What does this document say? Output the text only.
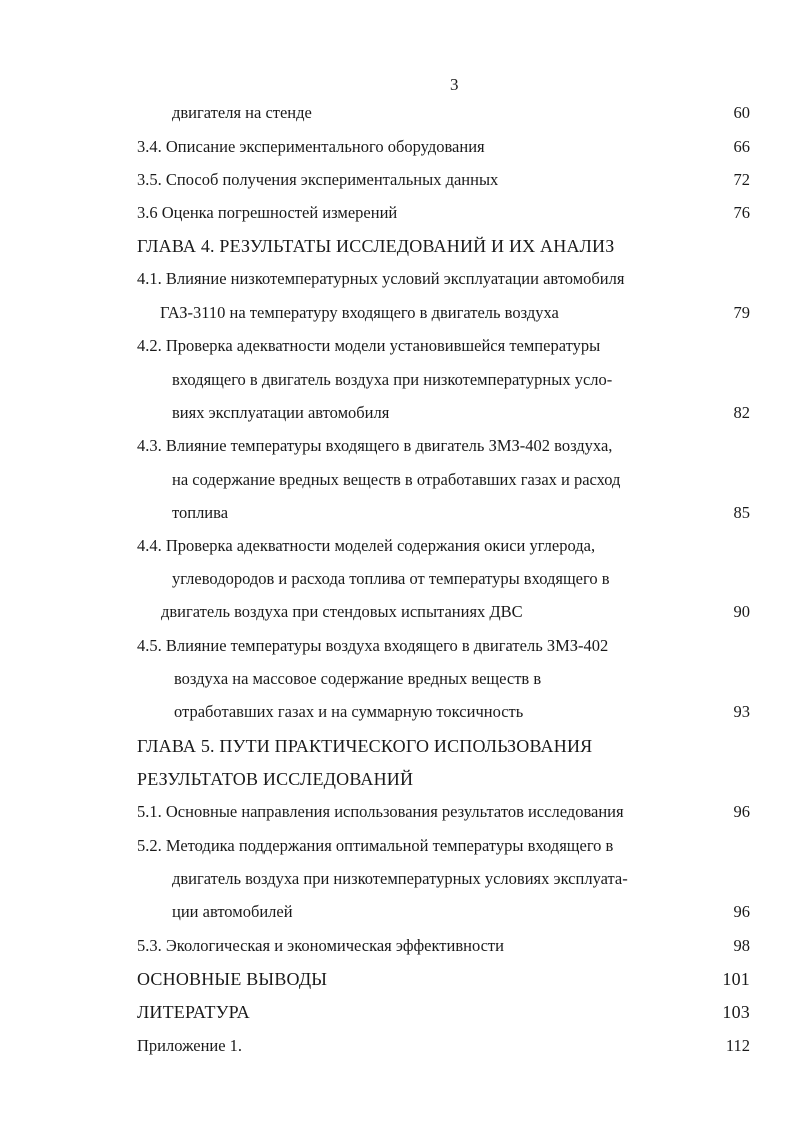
3
двигателя на стенде	60
3.4. Описание экспериментального оборудования	66
3.5. Способ получения экспериментальных данных	72
3.6 Оценка погрешностей измерений	76
ГЛАВА 4. РЕЗУЛЬТАТЫ ИССЛЕДОВАНИЙ И ИХ АНАЛИЗ
4.1. Влияние низкотемпературных условий эксплуатации автомобиля
ГАЗ-3110 на температуру входящего в двигатель воздуха	79
4.2. Проверка адекватности модели установившейся температуры
входящего в двигатель воздуха при низкотемпературных усло-
виях эксплуатации автомобиля	82
4.3. Влияние температуры входящего в двигатель ЗМЗ-402 воздуха,
на содержание вредных веществ в отработавших газах и расход
топлива	85
4.4. Проверка адекватности моделей содержания окиси углерода,
углеводородов и расхода топлива от температуры входящего в
двигатель воздуха при стендовых испытаниях ДВС	90
4.5. Влияние температуры воздуха входящего в двигатель ЗМЗ-402
воздуха на массовое содержание вредных веществ в
отработавших газах и на суммарную токсичность	93
ГЛАВА 5. ПУТИ ПРАКТИЧЕСКОГО ИСПОЛЬЗОВАНИЯ
РЕЗУЛЬТАТОВ ИССЛЕДОВАНИЙ
5.1. Основные направления использования результатов исследования	96
5.2. Методика поддержания оптимальной температуры входящего в
двигатель воздуха при низкотемпературных условиях эксплуата-
ции автомобилей	96
5.3. Экологическая и экономическая эффективности	98
ОСНОВНЫЕ ВЫВОДЫ	101
ЛИТЕРАТУРА	103
Приложение 1.	112
